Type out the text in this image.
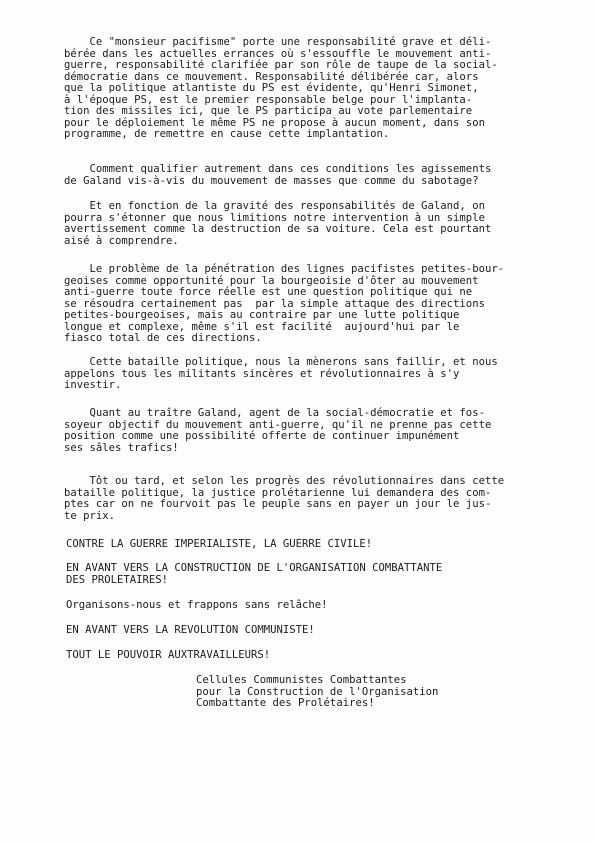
Ce "monsieur pacifisme" porte une responsabilité grave et déli-
bérée dans les actuelles errances où s'essouffle le mouvement anti-
guerre, responsabilité clarifiée par son rôle de taupe de la social-
démocratie dans ce mouvement. Responsabilité délibérée car, alors
que la politique atlantiste du PS est évidente, qu'Henri Simonet,
à l'époque PS, est le premier responsable belge pour l'implanta-
tion des missiles ici, que le PS participa au vote parlementaire
pour le déploiement le même PS ne propose à aucun moment, dans son
programme, de remettre en cause cette implantation.

Comment qualifier autrement dans ces conditions les agissements
de Galand vis-à-vis du mouvement de masses que comme du sabotage?

Et en fonction de la gravité des responsabilités de Galand, on
pourra s'étonner que nous limitions notre intervention à un simple
avertissement comme la destruction de sa voiture. Cela est pourtant
aisé à comprendre.

Le problème de la pénétration des lignes pacifistes petites-bour-
geoises comme opportunité pour la bourgeoisie d'ôter au mouvement
anti-guerre toute force réelle est une question politique qui ne
se résoudra certainement pas  par la simple attaque des directions
petites-bourgeoises, mais au contraire par une lutte politique
longue et complexe, même s'il est facilité  aujourd'hui par le
fiasco total de ces directions.

Cette bataille politique, nous la mènerons sans faillir, et nous
appelons tous les militants sincères et révolutionnaires à s'y
investir.

Quant au traître Galand, agent de la social-démocratie et fos-
soyeur objectif du mouvement anti-guerre, qu'il ne prenne pas cette
position comme une possibilité offerte de continuer impunément
ses sâles trafics!

Tôt ou tard, et selon les progrès des révolutionnaires dans cette
bataille politique, la justice prolétarienne lui demandera des com-
ptes car on ne fourvoit pas le peuple sans en payer un jour le jus-
te prix.

CONTRE LA GUERRE IMPERIALISTE, LA GUERRE CIVILE!

EN AVANT VERS LA CONSTRUCTION DE L'ORGANISATION COMBATTANTE
DES PROLETAIRES!

Organisons-nous et frappons sans relâche!

EN AVANT VERS LA REVOLUTION COMMUNISTE!

TOUT LE POUVOIR AUXTRAVAILLEURS!

Cellules Communistes Combattantes
pour la Construction de l'Organisation
Combattante des Prolétaires!
